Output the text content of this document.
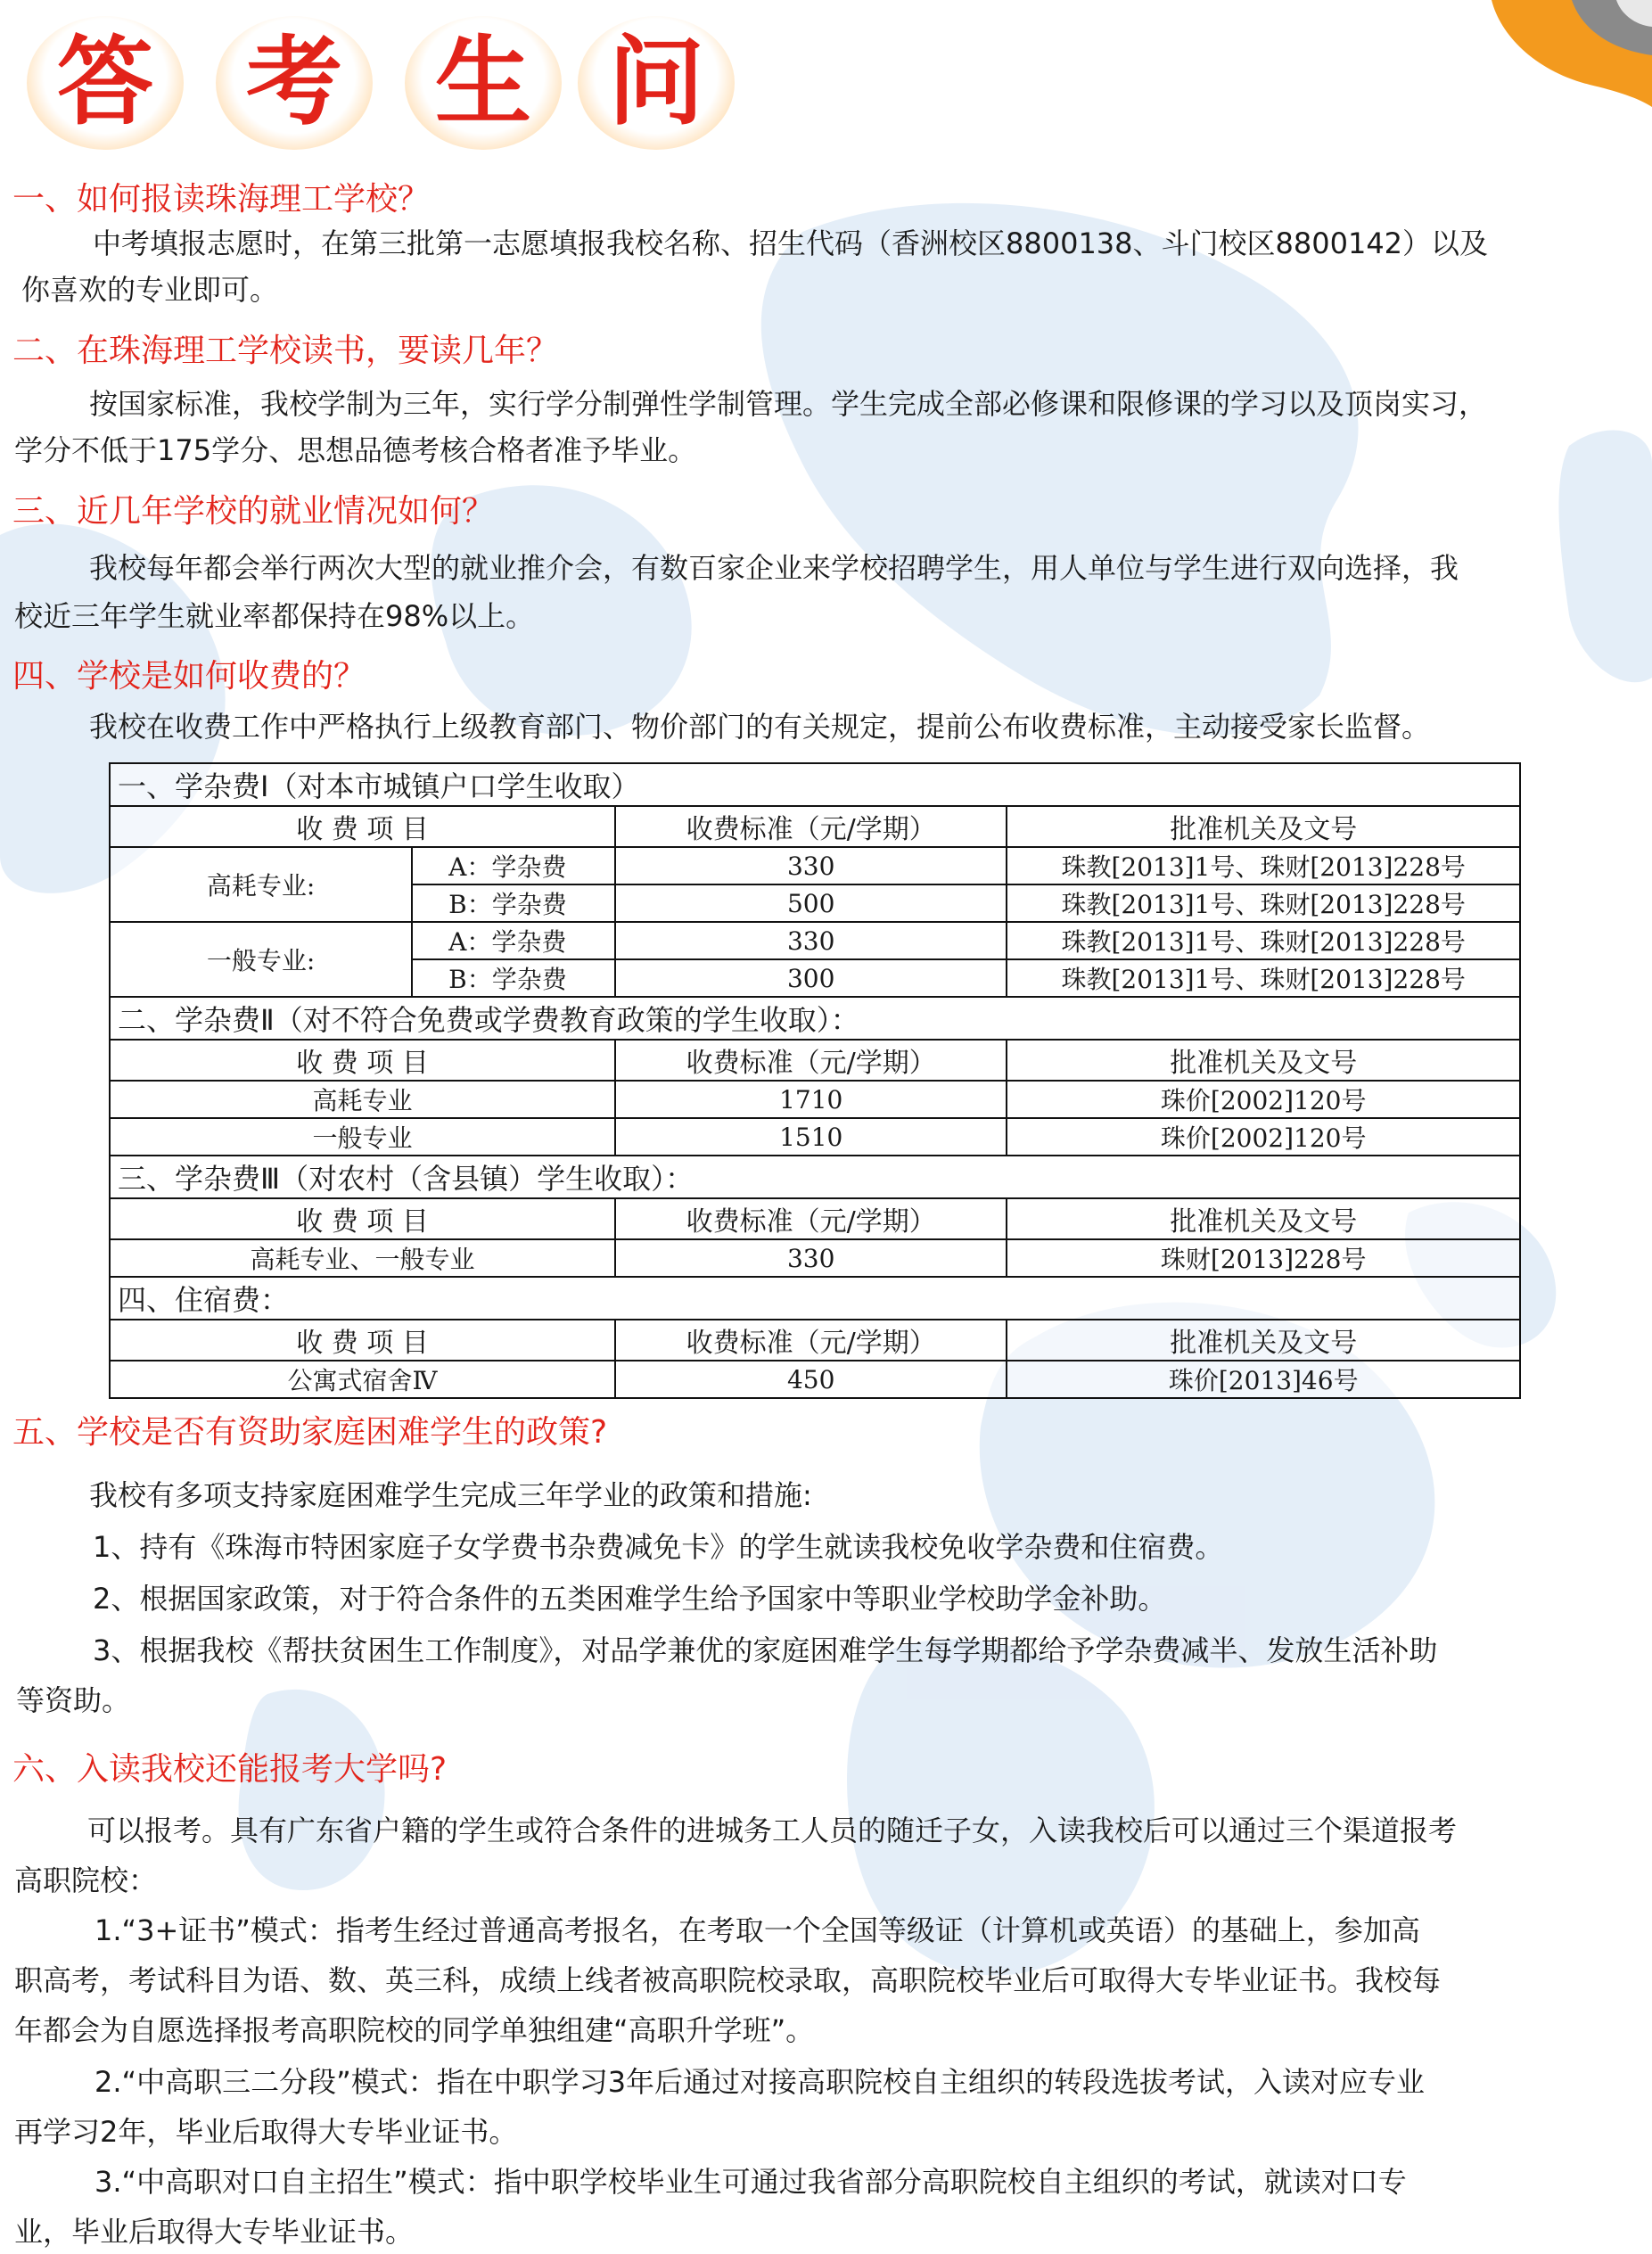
答 考 生 问
一、如何报读珠海理工学校？
中考填报志愿时，在第三批第一志愿填报我校名称、招生代码（香洲校区8800138、斗门校区8800142）以及
你喜欢的专业即可。
二、在珠海理工学校读书，要读几年？
按国家标准，我校学制为三年，实行学分制弹性学制管理。学生完成全部必修课和限修课的学习以及顶岗实习，
学分不低于175学分、思想品德考核合格者准予毕业。
三、近几年学校的就业情况如何？
我校每年都会举行两次大型的就业推介会，有数百家企业来学校招聘学生，用人单位与学生进行双向选择，我
校近三年学生就业率都保持在98%以上。
四、学校是如何收费的？
我校在收费工作中严格执行上级教育部门、物价部门的有关规定，提前公布收费标准，主动接受家长监督。
五、学校是否有资助家庭困难学生的政策?
我校有多项支持家庭困难学生完成三年学业的政策和措施:
1、持有《珠海市特困家庭子女学费书杂费减免卡》的学生就读我校免收学杂费和住宿费。
2、根据国家政策，对于符合条件的五类困难学生给予国家中等职业学校助学金补助。
3、根据我校《帮扶贫困生工作制度》，对品学兼优的家庭困难学生每学期都给予学杂费减半、发放生活补助
等资助。
六、入读我校还能报考大学吗?
可以报考。具有广东省户籍的学生或符合条件的进城务工人员的随迁子女，入读我校后可以通过三个渠道报考
高职院校：
1.“3+证书”模式：指考生经过普通高考报名，在考取一个全国等级证（计算机或英语）的基础上，参加高
职高考，考试科目为语、数、英三科，成绩上线者被高职院校录取，高职院校毕业后可取得大专毕业证书。我校每
年都会为自愿选择报考高职院校的同学单独组建“高职升学班”。
2.“中高职三二分段”模式：指在中职学习3年后通过对接高职院校自主组织的转段选拔考试，入读对应专业
再学习2年，毕业后取得大专毕业证书。
3.“中高职对口自主招生”模式：指中职学校毕业生可通过我省部分高职院校自主组织的考试，就读对口专
业，毕业后取得大专毕业证书。
一、学杂费Ⅰ（对本市城镇户口学生收取）			
收 费 项 目		收费标准（元/学期）	批准机关及文号
高耗专业:	A：学杂费	330	珠教[2013]1号、珠财[2013]228号
	B：学杂费	500	珠教[2013]1号、珠财[2013]228号
一般专业:	A：学杂费	330	珠教[2013]1号、珠财[2013]228号
	B：学杂费	300	珠教[2013]1号、珠财[2013]228号
二、学杂费Ⅱ（对不符合免费或学费教育政策的学生收取）：			
收 费 项 目		收费标准（元/学期）	批准机关及文号
高耗专业		1710	珠价[2002]120号
一般专业		1510	珠价[2002]120号
三、学杂费Ⅲ（对农村（含县镇）学生收取）：			
收 费 项 目		收费标准（元/学期）	批准机关及文号
高耗专业、一般专业		330	珠财[2013]228号
四、住宿费：			
收 费 项 目		收费标准（元/学期）	批准机关及文号
公寓式宿舍Ⅳ		450	珠价[2013]46号
